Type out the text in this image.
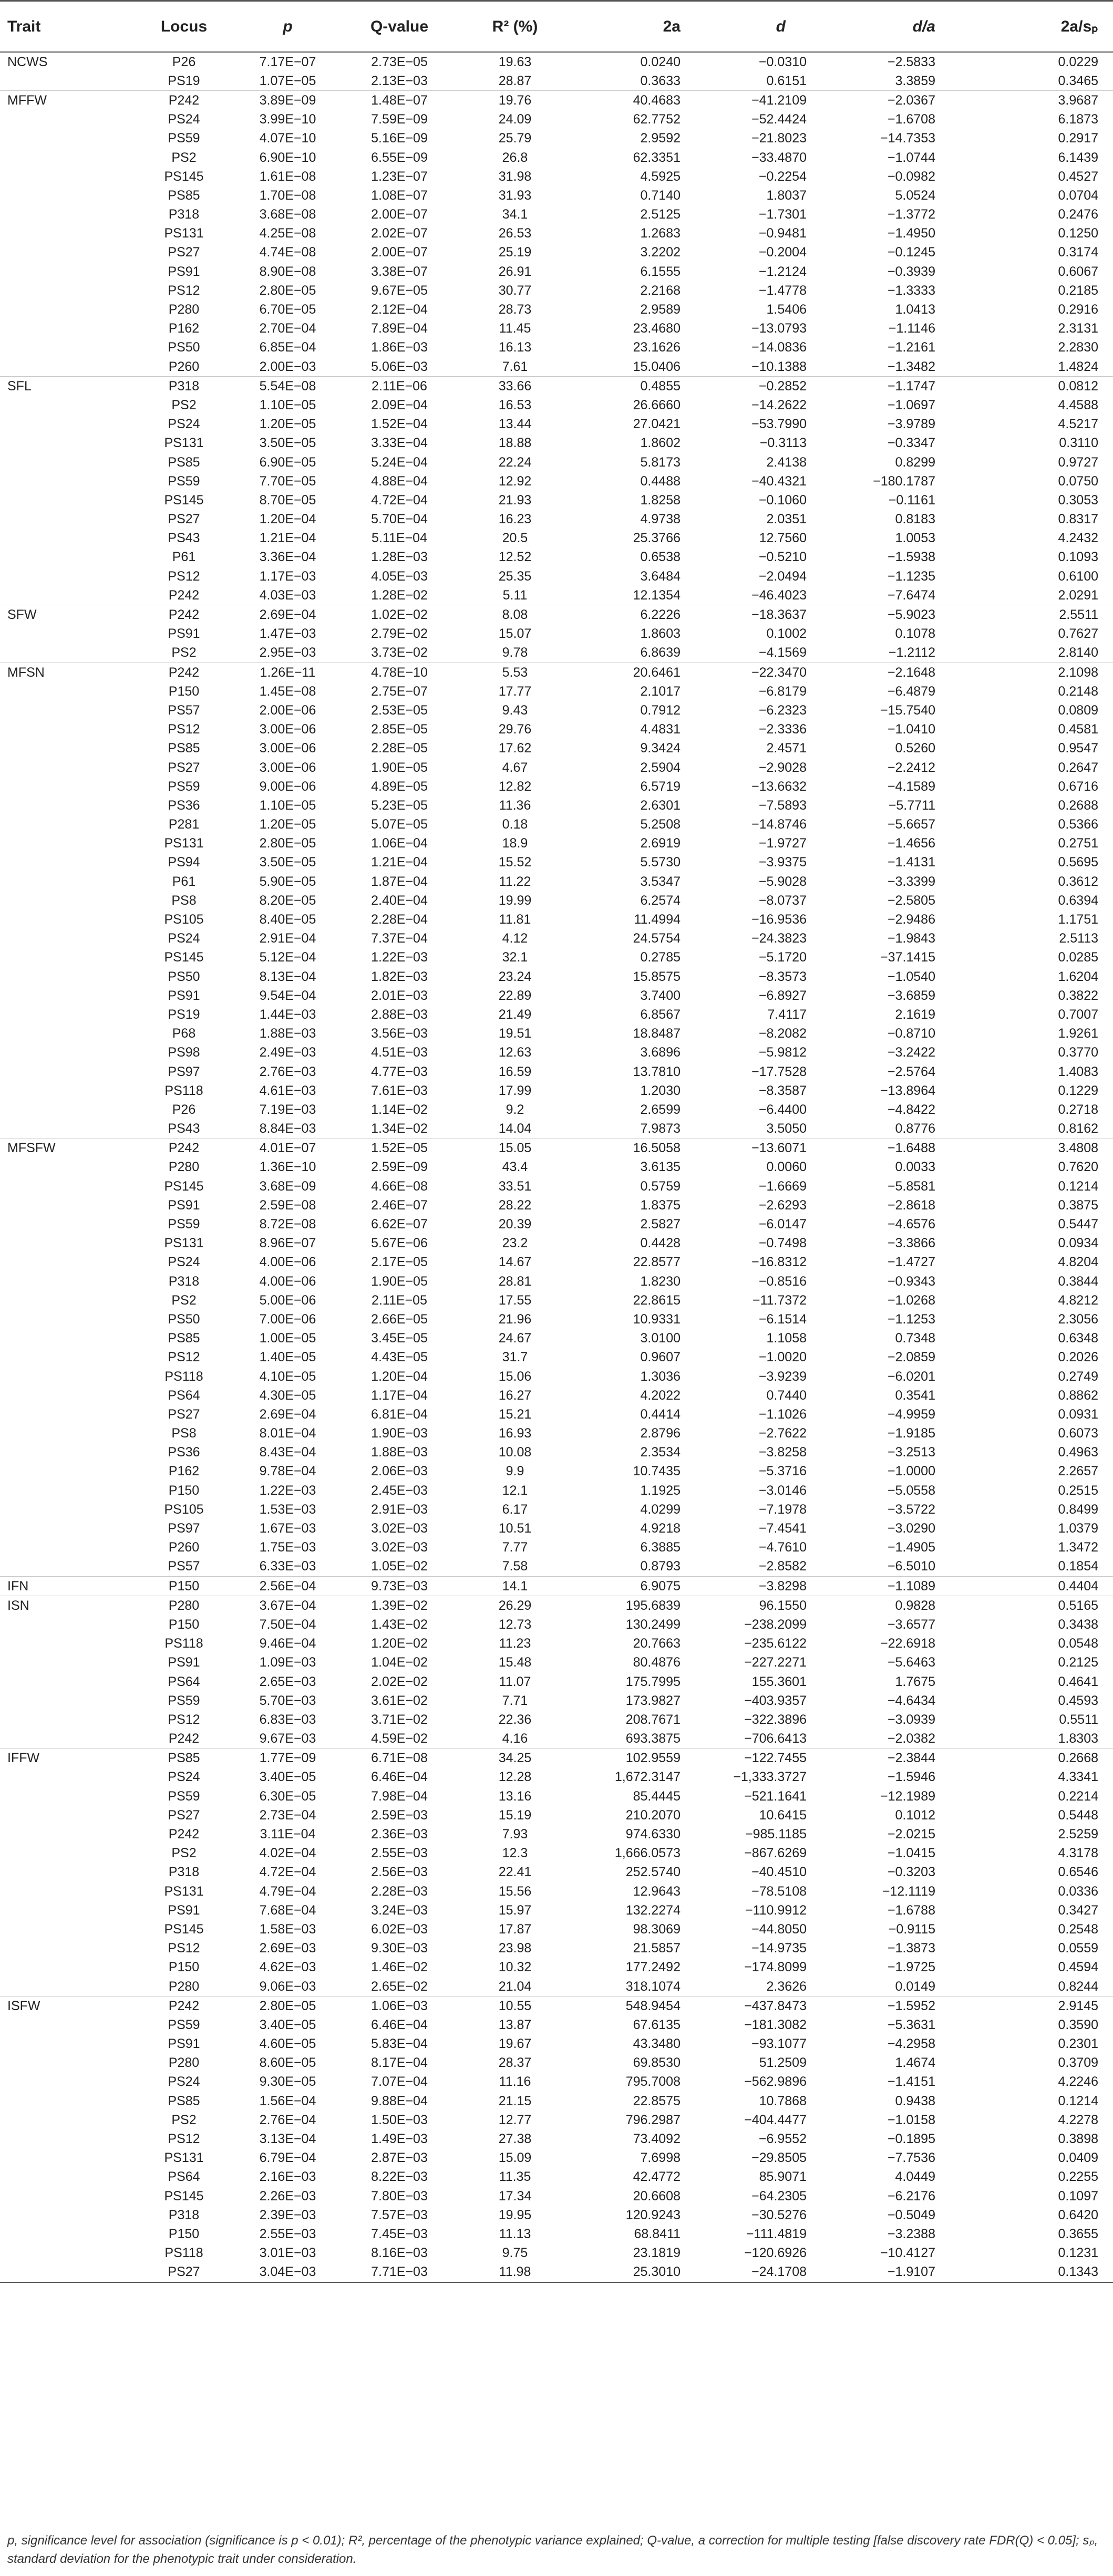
Trait	Locus	p	Q-value	R² (%)	2a	d	d/a	2a/sₚ
NCWS	P26	7.17E−07	2.73E−05	19.63	0.0240	−0.0310	−2.5833	0.0229
	PS19	1.07E−05	2.13E−03	28.87	0.3633	0.6151	3.3859	0.3465
MFFW	P242	3.89E−09	1.48E−07	19.76	40.4683	−41.2109	−2.0367	3.9687
	PS24	3.99E−10	7.59E−09	24.09	62.7752	−52.4424	−1.6708	6.1873
	PS59	4.07E−10	5.16E−09	25.79	2.9592	−21.8023	−14.7353	0.2917
	PS2	6.90E−10	6.55E−09	26.8	62.3351	−33.4870	−1.0744	6.1439
	PS145	1.61E−08	1.23E−07	31.98	4.5925	−0.2254	−0.0982	0.4527
	PS85	1.70E−08	1.08E−07	31.93	0.7140	1.8037	5.0524	0.0704
	P318	3.68E−08	2.00E−07	34.1	2.5125	−1.7301	−1.3772	0.2476
	PS131	4.25E−08	2.02E−07	26.53	1.2683	−0.9481	−1.4950	0.1250
	PS27	4.74E−08	2.00E−07	25.19	3.2202	−0.2004	−0.1245	0.3174
	PS91	8.90E−08	3.38E−07	26.91	6.1555	−1.2124	−0.3939	0.6067
	PS12	2.80E−05	9.67E−05	30.77	2.2168	−1.4778	−1.3333	0.2185
	P280	6.70E−05	2.12E−04	28.73	2.9589	1.5406	1.0413	0.2916
	P162	2.70E−04	7.89E−04	11.45	23.4680	−13.0793	−1.1146	2.3131
	PS50	6.85E−04	1.86E−03	16.13	23.1626	−14.0836	−1.2161	2.2830
	P260	2.00E−03	5.06E−03	7.61	15.0406	−10.1388	−1.3482	1.4824
SFL	P318	5.54E−08	2.11E−06	33.66	0.4855	−0.2852	−1.1747	0.0812
	PS2	1.10E−05	2.09E−04	16.53	26.6660	−14.2622	−1.0697	4.4588
	PS24	1.20E−05	1.52E−04	13.44	27.0421	−53.7990	−3.9789	4.5217
	PS131	3.50E−05	3.33E−04	18.88	1.8602	−0.3113	−0.3347	0.3110
	PS85	6.90E−05	5.24E−04	22.24	5.8173	2.4138	0.8299	0.9727
	PS59	7.70E−05	4.88E−04	12.92	0.4488	−40.4321	−180.1787	0.0750
	PS145	8.70E−05	4.72E−04	21.93	1.8258	−0.1060	−0.1161	0.3053
	PS27	1.20E−04	5.70E−04	16.23	4.9738	2.0351	0.8183	0.8317
	PS43	1.21E−04	5.11E−04	20.5	25.3766	12.7560	1.0053	4.2432
	P61	3.36E−04	1.28E−03	12.52	0.6538	−0.5210	−1.5938	0.1093
	PS12	1.17E−03	4.05E−03	25.35	3.6484	−2.0494	−1.1235	0.6100
	P242	4.03E−03	1.28E−02	5.11	12.1354	−46.4023	−7.6474	2.0291
SFW	P242	2.69E−04	1.02E−02	8.08	6.2226	−18.3637	−5.9023	2.5511
	PS91	1.47E−03	2.79E−02	15.07	1.8603	0.1002	0.1078	0.7627
	PS2	2.95E−03	3.73E−02	9.78	6.8639	−4.1569	−1.2112	2.8140
MFSN	P242	1.26E−11	4.78E−10	5.53	20.6461	−22.3470	−2.1648	2.1098
	P150	1.45E−08	2.75E−07	17.77	2.1017	−6.8179	−6.4879	0.2148
	PS57	2.00E−06	2.53E−05	9.43	0.7912	−6.2323	−15.7540	0.0809
	PS12	3.00E−06	2.85E−05	29.76	4.4831	−2.3336	−1.0410	0.4581
	PS85	3.00E−06	2.28E−05	17.62	9.3424	2.4571	0.5260	0.9547
	PS27	3.00E−06	1.90E−05	4.67	2.5904	−2.9028	−2.2412	0.2647
	PS59	9.00E−06	4.89E−05	12.82	6.5719	−13.6632	−4.1589	0.6716
	PS36	1.10E−05	5.23E−05	11.36	2.6301	−7.5893	−5.7711	0.2688
	P281	1.20E−05	5.07E−05	0.18	5.2508	−14.8746	−5.6657	0.5366
	PS131	2.80E−05	1.06E−04	18.9	2.6919	−1.9727	−1.4656	0.2751
	PS94	3.50E−05	1.21E−04	15.52	5.5730	−3.9375	−1.4131	0.5695
	P61	5.90E−05	1.87E−04	11.22	3.5347	−5.9028	−3.3399	0.3612
	PS8	8.20E−05	2.40E−04	19.99	6.2574	−8.0737	−2.5805	0.6394
	PS105	8.40E−05	2.28E−04	11.81	11.4994	−16.9536	−2.9486	1.1751
	PS24	2.91E−04	7.37E−04	4.12	24.5754	−24.3823	−1.9843	2.5113
	PS145	5.12E−04	1.22E−03	32.1	0.2785	−5.1720	−37.1415	0.0285
	PS50	8.13E−04	1.82E−03	23.24	15.8575	−8.3573	−1.0540	1.6204
	PS91	9.54E−04	2.01E−03	22.89	3.7400	−6.8927	−3.6859	0.3822
	PS19	1.44E−03	2.88E−03	21.49	6.8567	7.4117	2.1619	0.7007
	P68	1.88E−03	3.56E−03	19.51	18.8487	−8.2082	−0.8710	1.9261
	PS98	2.49E−03	4.51E−03	12.63	3.6896	−5.9812	−3.2422	0.3770
	PS97	2.76E−03	4.77E−03	16.59	13.7810	−17.7528	−2.5764	1.4083
	PS118	4.61E−03	7.61E−03	17.99	1.2030	−8.3587	−13.8964	0.1229
	P26	7.19E−03	1.14E−02	9.2	2.6599	−6.4400	−4.8422	0.2718
	PS43	8.84E−03	1.34E−02	14.04	7.9873	3.5050	0.8776	0.8162
MFSFW	P242	4.01E−07	1.52E−05	15.05	16.5058	−13.6071	−1.6488	3.4808
	P280	1.36E−10	2.59E−09	43.4	3.6135	0.0060	0.0033	0.7620
	PS145	3.68E−09	4.66E−08	33.51	0.5759	−1.6669	−5.8581	0.1214
	PS91	2.59E−08	2.46E−07	28.22	1.8375	−2.6293	−2.8618	0.3875
	PS59	8.72E−08	6.62E−07	20.39	2.5827	−6.0147	−4.6576	0.5447
	PS131	8.96E−07	5.67E−06	23.2	0.4428	−0.7498	−3.3866	0.0934
	PS24	4.00E−06	2.17E−05	14.67	22.8577	−16.8312	−1.4727	4.8204
	P318	4.00E−06	1.90E−05	28.81	1.8230	−0.8516	−0.9343	0.3844
	PS2	5.00E−06	2.11E−05	17.55	22.8615	−11.7372	−1.0268	4.8212
	PS50	7.00E−06	2.66E−05	21.96	10.9331	−6.1514	−1.1253	2.3056
	PS85	1.00E−05	3.45E−05	24.67	3.0100	1.1058	0.7348	0.6348
	PS12	1.40E−05	4.43E−05	31.7	0.9607	−1.0020	−2.0859	0.2026
	PS118	4.10E−05	1.20E−04	15.06	1.3036	−3.9239	−6.0201	0.2749
	PS64	4.30E−05	1.17E−04	16.27	4.2022	0.7440	0.3541	0.8862
	PS27	2.69E−04	6.81E−04	15.21	0.4414	−1.1026	−4.9959	0.0931
	PS8	8.01E−04	1.90E−03	16.93	2.8796	−2.7622	−1.9185	0.6073
	PS36	8.43E−04	1.88E−03	10.08	2.3534	−3.8258	−3.2513	0.4963
	P162	9.78E−04	2.06E−03	9.9	10.7435	−5.3716	−1.0000	2.2657
	P150	1.22E−03	2.45E−03	12.1	1.1925	−3.0146	−5.0558	0.2515
	PS105	1.53E−03	2.91E−03	6.17	4.0299	−7.1978	−3.5722	0.8499
	PS97	1.67E−03	3.02E−03	10.51	4.9218	−7.4541	−3.0290	1.0379
	P260	1.75E−03	3.02E−03	7.77	6.3885	−4.7610	−1.4905	1.3472
	PS57	6.33E−03	1.05E−02	7.58	0.8793	−2.8582	−6.5010	0.1854
IFN	P150	2.56E−04	9.73E−03	14.1	6.9075	−3.8298	−1.1089	0.4404
ISN	P280	3.67E−04	1.39E−02	26.29	195.6839	96.1550	0.9828	0.5165
	P150	7.50E−04	1.43E−02	12.73	130.2499	−238.2099	−3.6577	0.3438
	PS118	9.46E−04	1.20E−02	11.23	20.7663	−235.6122	−22.6918	0.0548
	PS91	1.09E−03	1.04E−02	15.48	80.4876	−227.2271	−5.6463	0.2125
	PS64	2.65E−03	2.02E−02	11.07	175.7995	155.3601	1.7675	0.4641
	PS59	5.70E−03	3.61E−02	7.71	173.9827	−403.9357	−4.6434	0.4593
	PS12	6.83E−03	3.71E−02	22.36	208.7671	−322.3896	−3.0939	0.5511
	P242	9.67E−03	4.59E−02	4.16	693.3875	−706.6413	−2.0382	1.8303
IFFW	PS85	1.77E−09	6.71E−08	34.25	102.9559	−122.7455	−2.3844	0.2668
	PS24	3.40E−05	6.46E−04	12.28	1,672.3147	−1,333.3727	−1.5946	4.3341
	PS59	6.30E−05	7.98E−04	13.16	85.4445	−521.1641	−12.1989	0.2214
	PS27	2.73E−04	2.59E−03	15.19	210.2070	10.6415	0.1012	0.5448
	P242	3.11E−04	2.36E−03	7.93	974.6330	−985.1185	−2.0215	2.5259
	PS2	4.02E−04	2.55E−03	12.3	1,666.0573	−867.6269	−1.0415	4.3178
	P318	4.72E−04	2.56E−03	22.41	252.5740	−40.4510	−0.3203	0.6546
	PS131	4.79E−04	2.28E−03	15.56	12.9643	−78.5108	−12.1119	0.0336
	PS91	7.68E−04	3.24E−03	15.97	132.2274	−110.9912	−1.6788	0.3427
	PS145	1.58E−03	6.02E−03	17.87	98.3069	−44.8050	−0.9115	0.2548
	PS12	2.69E−03	9.30E−03	23.98	21.5857	−14.9735	−1.3873	0.0559
	P150	4.62E−03	1.46E−02	10.32	177.2492	−174.8099	−1.9725	0.4594
	P280	9.06E−03	2.65E−02	21.04	318.1074	2.3626	0.0149	0.8244
ISFW	P242	2.80E−05	1.06E−03	10.55	548.9454	−437.8473	−1.5952	2.9145
	PS59	3.40E−05	6.46E−04	13.87	67.6135	−181.3082	−5.3631	0.3590
	PS91	4.60E−05	5.83E−04	19.67	43.3480	−93.1077	−4.2958	0.2301
	P280	8.60E−05	8.17E−04	28.37	69.8530	51.2509	1.4674	0.3709
	PS24	9.30E−05	7.07E−04	11.16	795.7008	−562.9896	−1.4151	4.2246
	PS85	1.56E−04	9.88E−04	21.15	22.8575	10.7868	0.9438	0.1214
	PS2	2.76E−04	1.50E−03	12.77	796.2987	−404.4477	−1.0158	4.2278
	PS12	3.13E−04	1.49E−03	27.38	73.4092	−6.9552	−0.1895	0.3898
	PS131	6.79E−04	2.87E−03	15.09	7.6998	−29.8505	−7.7536	0.0409
	PS64	2.16E−03	8.22E−03	11.35	42.4772	85.9071	4.0449	0.2255
	PS145	2.26E−03	7.80E−03	17.34	20.6608	−64.2305	−6.2176	0.1097
	P318	2.39E−03	7.57E−03	19.95	120.9243	−30.5276	−0.5049	0.6420
	P150	2.55E−03	7.45E−03	11.13	68.8411	−111.4819	−3.2388	0.3655
	PS118	3.01E−03	8.16E−03	9.75	23.1819	−120.6926	−10.4127	0.1231
	PS27	3.04E−03	7.71E−03	11.98	25.3010	−24.1708	−1.9107	0.1343
p, significance level for association (significance is p < 0.01); R², percentage of the phenotypic variance explained; Q-value, a correction for multiple testing [false discovery rate FDR(Q) < 0.05]; sₚ, standard deviation for the phenotypic trait under consideration.
